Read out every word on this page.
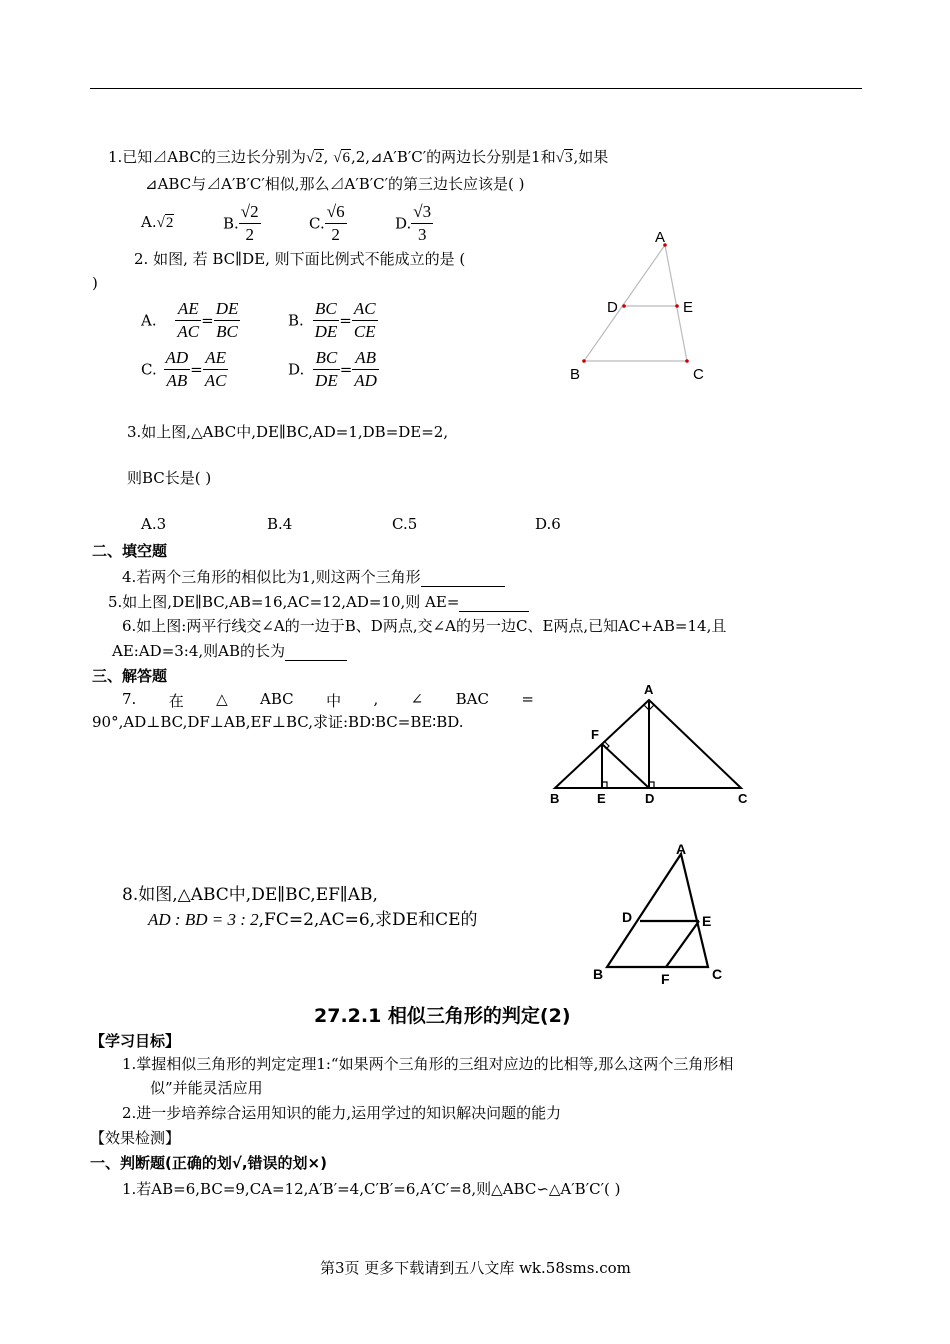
1.已知⊿ABC的三边长分别为√2, √6,2,⊿A′B′C′的两边长分别是1和√3,如果
⊿ABC与⊿A′B′C′相似,那么⊿A′B′C′的第三边长应该是( )
A.√2	B. $\frac{√2}{2}$	C. $\frac{√6}{2}$	D. $\frac{√3}{3}$
2. 如图, 若 BC∥DE, 则下面比例式不能成立的是 (
)
A. $\frac{AE}{AC} = \frac{DE}{BC}$	B. $\frac{BC}{DE} = \frac{AC}{CE}$
C. $\frac{AD}{AB} = \frac{AE}{AC}$	D. $\frac{BC}{DE} = \frac{AB}{AD}$
A
B	C
D	E
3.如上图,△ABC中,DE∥BC,AD=1,DB=DE=2,
则BC长是( )
A.3	B.4	C.5	D.6
二、填空题
4.若两个三角形的相似比为1,则这两个三角形
5.如上图,DE∥BC,AB=16,AC=12,AD=10,则 AE=
6.如上图:两平行线交∠A的一边于B、D两点,交∠A的另一边C、E两点,已知AC+AB=14,且
AE:AD=3:4,则AB的长为
三、解答题
7. 在 △ ABC 中 , ∠ BAC =
90°,AD⊥BC,DF⊥AB,EF⊥BC,求证:BD∶BC=BE∶BD.
A
B	C
D
E
F
8.如图,△ABC中,DE∥BC,EF∥AB,
AD : BD = 3 : 2,FC=2,AC=6,求DE和CE的
A
B	C
D	E
F
27.2.1 相似三角形的判定(2)
【学习目标】
1.掌握相似三角形的判定定理1:“如果两个三角形的三组对应边的比相等,那么这两个三角形相
似”并能灵活应用
2.进一步培养综合运用知识的能力,运用学过的知识解决问题的能力
【效果检测】
一、判断题(正确的划√,错误的划×)
1.若AB=6,BC=9,CA=12,A′B′=4,C′B′=6,A′C′=8,则△ABC∽△A′B′C′( )
第3页 更多下载请到五八文库 wk.58sms.com
